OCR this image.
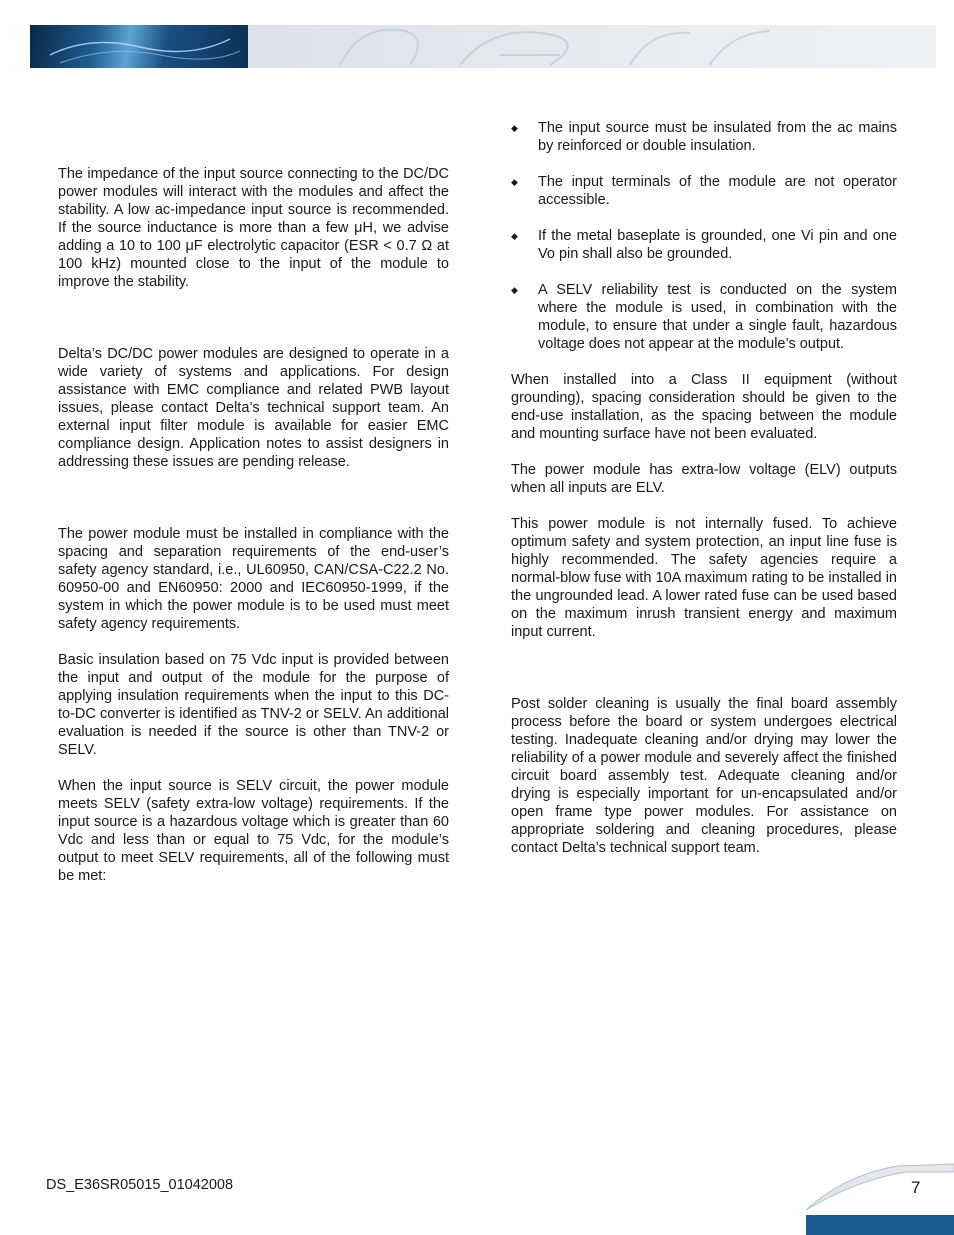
The impedance of the input source connecting to the DC/DC power modules will interact with the modules and affect the stability. A low ac-impedance input source is recommended. If the source inductance is more than a few μH, we advise adding a 10 to 100 μF electrolytic capacitor (ESR < 0.7 Ω at 100 kHz) mounted close to the input of the module to improve the stability.

Delta’s DC/DC power modules are designed to operate in a wide variety of systems and applications. For design assistance with EMC compliance and related PWB layout issues, please contact Delta’s technical support team. An external input filter module is available for easier EMC compliance design. Application notes to assist designers in addressing these issues are pending release.

The power module must be installed in compliance with the spacing and separation requirements of the end-user’s safety agency standard, i.e., UL60950, CAN/CSA-C22.2 No. 60950-00 and EN60950: 2000 and IEC60950-1999, if the system in which the power module is to be used must meet safety agency requirements.

Basic insulation based on 75 Vdc input is provided between the input and output of the module for the purpose of applying insulation requirements when the input to this DC-to-DC converter is identified as TNV-2 or SELV. An additional evaluation is needed if the source is other than TNV-2 or SELV.

When the input source is SELV circuit, the power module meets SELV (safety extra-low voltage) requirements. If the input source is a hazardous voltage which is greater than 60 Vdc and less than or equal to 75 Vdc, for the module’s output to meet SELV requirements, all of the following must be met:

◆ The input source must be insulated from the ac mains by reinforced or double insulation.

◆ The input terminals of the module are not operator accessible.

◆ If the metal baseplate is grounded, one Vi pin and one Vo pin shall also be grounded.

◆ A SELV reliability test is conducted on the system where the module is used, in combination with the module, to ensure that under a single fault, hazardous voltage does not appear at the module’s output.

When installed into a Class II equipment (without grounding), spacing consideration should be given to the end-use installation, as the spacing between the module and mounting surface have not been evaluated.

The power module has extra-low voltage (ELV) outputs when all inputs are ELV.

This power module is not internally fused. To achieve optimum safety and system protection, an input line fuse is highly recommended. The safety agencies require a normal-blow fuse with 10A maximum rating to be installed in the ungrounded lead. A lower rated fuse can be used based on the maximum inrush transient energy and maximum input current.

Post solder cleaning is usually the final board assembly process before the board or system undergoes electrical testing. Inadequate cleaning and/or drying may lower the reliability of a power module and severely affect the finished circuit board assembly test. Adequate cleaning and/or drying is especially important for un-encapsulated and/or open frame type power modules. For assistance on appropriate soldering and cleaning procedures, please contact Delta’s technical support team.

DS_E36SR05015_01042008	7
